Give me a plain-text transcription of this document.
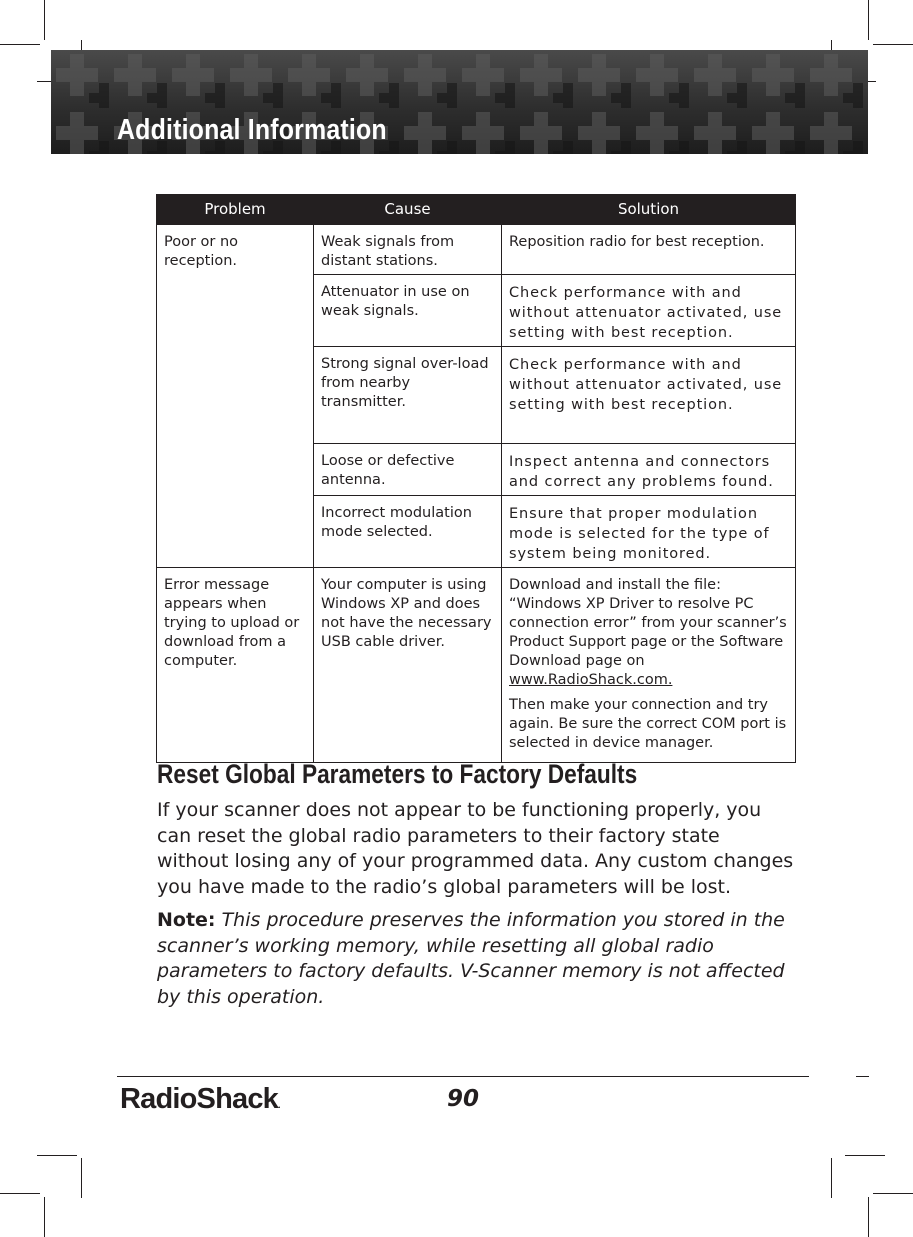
Additional Information
Problem	Cause	Solution
Poor or no reception.	Weak signals from distant stations.	Reposition radio for best reception.
	Attenuator in use on weak signals.	Check performance with and without attenuator activated, use setting with best reception.
	Strong signal over-load from nearby transmitter.	Check performance with and without attenuator activated, use setting with best reception.
	Loose or defective antenna.	Inspect antenna and connectors and correct any problems found.
	Incorrect modulation mode selected.	Ensure that proper modulation mode is selected for the type of system being monitored.
Error message appears when trying to upload or download from a computer.	Your computer is using Windows XP and does not have the necessary USB cable driver.	Download and install the file: “Windows XP Driver to resolve PC connection error” from your scanner’s Product Support page or the Software Download page on
www.RadioShack.com.

Then make your connection and try again. Be sure the correct COM port is selected in device manager.

Reset Global Parameters to Factory Defaults

If your scanner does not appear to be functioning properly, you can reset the global radio parameters to their factory state without losing any of your programmed data. Any custom changes you have made to the radio’s global parameters will be lost.

Note: This procedure preserves the information you stored in the scanner’s working memory, while resetting all global radio parameters to factory defaults. V-Scanner memory is not affected by this operation.

RadioShack.	90
